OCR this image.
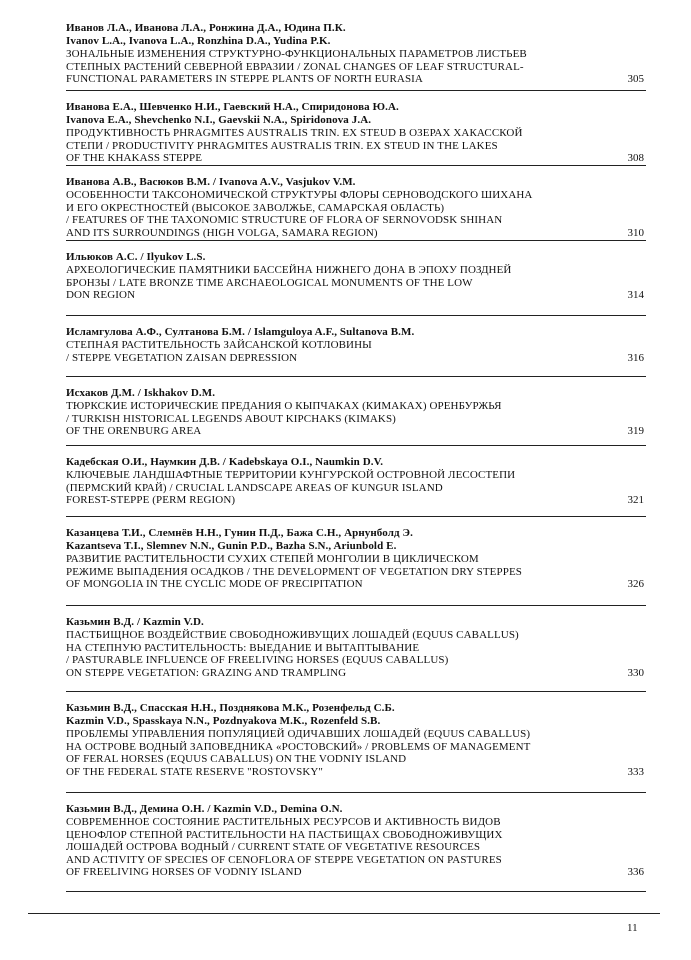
Иванов Л.А., Иванова Л.А., Ронжина Д.А., Юдина П.К.
Ivanov L.A., Ivanova L.A., Ronzhina D.A., Yudina P.K.
ЗОНАЛЬНЫЕ ИЗМЕНЕНИЯ СТРУКТУРНО-ФУНКЦИОНАЛЬНЫХ ПАРАМЕТРОВ ЛИСТЬЕВ
СТЕПНЫХ РАСТЕНИЙ СЕВЕРНОЙ ЕВРАЗИИ / ZONAL CHANGES OF LEAF STRUCTURAL-
FUNCTIONAL PARAMETERS IN STEPPE PLANTS OF NORTH EURASIA	305
Иванова Е.А., Шевченко Н.И., Гаевский Н.А., Спиридонова Ю.А.
Ivanova E.A., Shevchenko N.I., Gaevskii N.A., Spiridonova J.A.
ПРОДУКТИВНОСТЬ PHRAGMITES AUSTRALIS TRIN. EX STEUD В ОЗЕРАХ ХАКАССКОЙ
СТЕПИ / PRODUCTIVITY PHRAGMITES AUSTRALIS TRIN. EX STEUD IN THE LAKES
OF THE KHAKASS STEPPE	308
Иванова А.В., Васюков В.М. / Ivanova A.V., Vasjukov V.M.
ОСОБЕННОСТИ ТАКСОНОМИЧЕСКОЙ СТРУКТУРЫ ФЛОРЫ СЕРНОВОДСКОГО ШИХАНА
И ЕГО ОКРЕСТНОСТЕЙ (ВЫСОКОЕ ЗАВОЛЖЬЕ, САМАРСКАЯ ОБЛАСТЬ)
/ FEATURES OF THE TAXONOMIC STRUCTURE OF FLORA OF SERNOVODSK SHIHAN
AND ITS SURROUNDINGS (HIGH VOLGA, SAMARA REGION)	310
Ильюков А.С. / Ilyukov L.S.
АРХЕОЛОГИЧЕСКИЕ ПАМЯТНИКИ БАССЕЙНА НИЖНЕГО ДОНА В ЭПОХУ ПОЗДНЕЙ
БРОНЗЫ / LATE BRONZE TIME ARCHAEOLOGICAL MONUMENTS OF THE LOW
DON REGION	314
Исламгулова А.Ф., Султанова Б.М. / Islamguloya A.F., Sultanova B.M.
СТЕПНАЯ РАСТИТЕЛЬНОСТЬ ЗАЙСАНСКОЙ КОТЛОВИНЫ
/ STEPPE VEGETATION ZAISAN DEPRESSION	316
Исхаков Д.М. / Iskhakov D.M.
ТЮРКСКИЕ ИСТОРИЧЕСКИЕ ПРЕДАНИЯ О КЫПЧАКАХ (КИМАКАХ) ОРЕНБУРЖЬЯ
/ TURKISH HISTORICAL LEGENDS ABOUT KIPCHAKS (KIMAKS)
OF THE ORENBURG AREA	319
Кадебская О.И., Наумкин Д.В. / Kadebskaya O.I., Naumkin D.V.
КЛЮЧЕВЫЕ ЛАНДШАФТНЫЕ ТЕРРИТОРИИ КУНГУРСКОЙ ОСТРОВНОЙ ЛЕСОСТЕПИ
(ПЕРМСКИЙ КРАЙ) / CRUCIAL LANDSCAPE AREAS OF KUNGUR ISLAND
FOREST-STEPPE (PERM REGION)	321
Казанцева Т.И., Слемнёв Н.Н., Гунин П.Д., Бажа С.Н., Арнунболд Э.
Kazantseva T.I., Slemnev N.N., Gunin P.D., Bazha S.N., Ariunbold E.
РАЗВИТИЕ РАСТИТЕЛЬНОСТИ СУХИХ СТЕПЕЙ МОНГОЛИИ В ЦИКЛИЧЕСКОМ
РЕЖИМЕ ВЫПАДЕНИЯ ОСАДКОВ / THE DEVELOPMENT OF VEGETATION DRY STEPPES
OF MONGOLIA IN THE CYCLIC MODE OF PRECIPITATION	326
Казьмин В.Д. / Kazmin V.D.
ПАСТБИЩНОЕ ВОЗДЕЙСТВИЕ СВОБОДНОЖИВУЩИХ ЛОШАДЕЙ (EQUUS CABALLUS)
НА СТЕПНУЮ РАСТИТЕЛЬНОСТЬ: ВЫЕДАНИЕ И ВЫТАПТЫВАНИЕ
/ PASTURABLE INFLUENCE OF FREELIVING HORSES (EQUUS CABALLUS)
ON STEPPE VEGETATION: GRAZING AND TRAMPLING	330
Казьмин В.Д., Спасская Н.Н., Позднякова М.К., Розенфельд С.Б.
Kazmin V.D., Spasskaya N.N., Pozdnyakova M.K., Rozenfeld S.B.
ПРОБЛЕМЫ УПРАВЛЕНИЯ ПОПУЛЯЦИЕЙ ОДИЧАВШИХ ЛОШАДЕЙ (EQUUS CABALLUS)
НА ОСТРОВЕ ВОДНЫЙ ЗАПОВЕДНИКА «РОСТОВСКИЙ» / PROBLEMS OF MANAGEMENT
OF FERAL HORSES (EQUUS CABALLUS) ON THE VODNIY ISLAND
OF THE FEDERAL STATE RESERVE "ROSTOVSKY"	333
Казьмин В.Д., Демина О.Н. / Kazmin V.D., Demina O.N.
СОВРЕМЕННОЕ СОСТОЯНИЕ РАСТИТЕЛЬНЫХ РЕСУРСОВ И АКТИВНОСТЬ ВИДОВ
ЦЕНОФЛОР СТЕПНОЙ РАСТИТЕЛЬНОСТИ НА ПАСТБИЩАХ СВОБОДНОЖИВУЩИХ
ЛОШАДЕЙ ОСТРОВА ВОДНЫЙ / CURRENT STATE OF VEGETATIVE RESOURCES
AND ACTIVITY OF SPECIES OF CENOFLORA OF STEPPE VEGETATION ON PASTURES
OF FREELIVING HORSES OF VODNIY ISLAND	336
11
